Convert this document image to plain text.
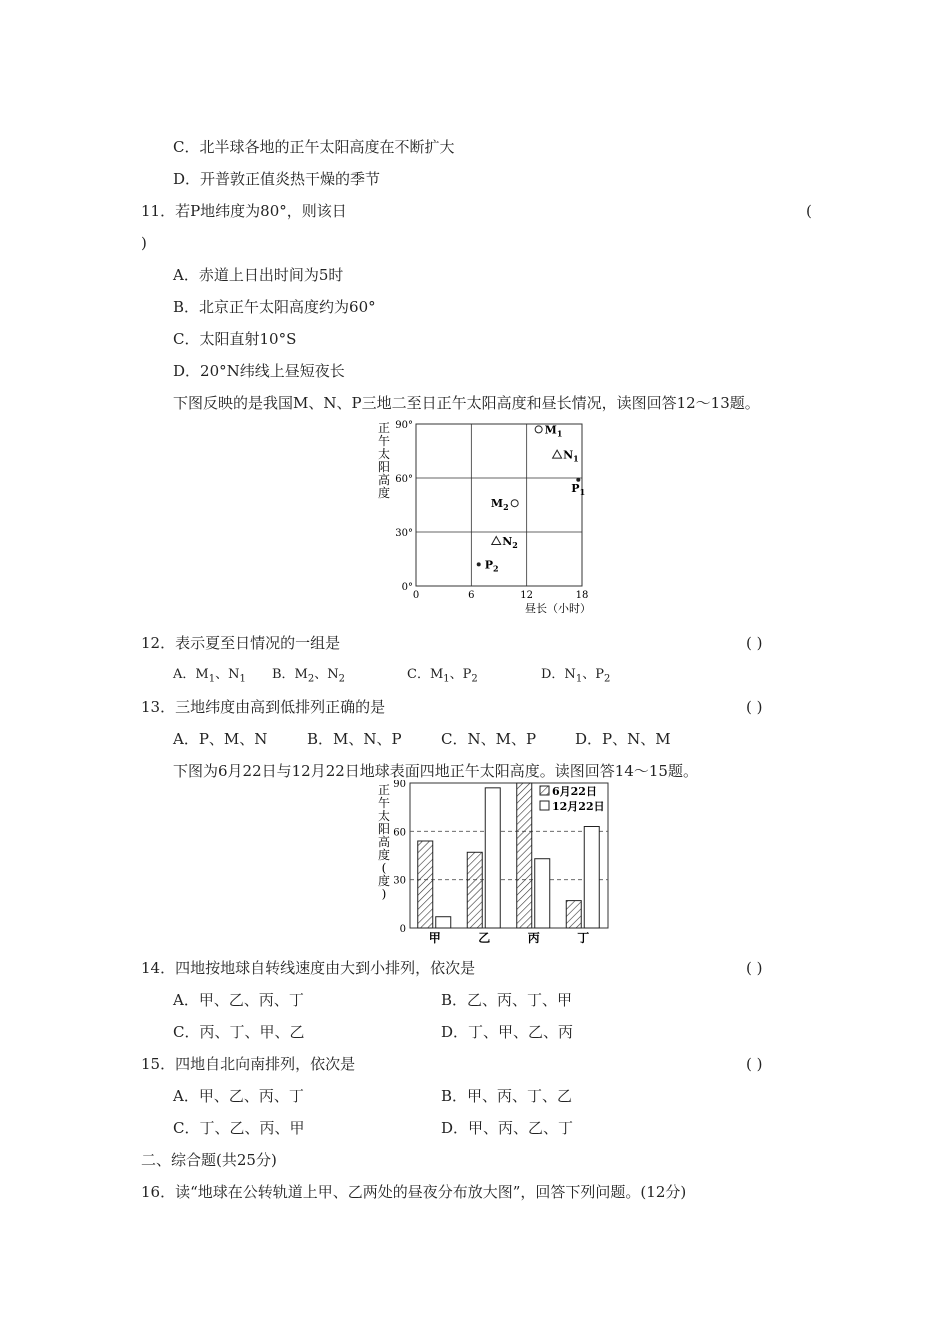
C．北半球各地的正午太阳高度在不断扩大
D．开普敦正值炎热干燥的季节
11．若P地纬度为80°，则该日	(
)
A．赤道上日出时间为5时
B．北京正午太阳高度约为60°
C．太阳直射10°S
D．20°N纬线上昼短夜长
下图反映的是我国M、N、P三地二至日正午太阳高度和昼长情况，读图回答12～13题。
正午太阳高度
0°
30°
60°
90°
0	6	12	18
昼长（小时）
$M_1$
$N_1$
$P_1$
$M_2$
$N_2$
$P_2$
12．表示夏至日情况的一组是	( )
A．$M_1$、$N_1$ B．$M_2$、$N_2$	C．$M_1$、$P_2$	D．$N_1$、$P_2$
13．三地纬度由高到低排列正确的是	( )
A．P、M、N	B．M、N、P	C．N、M、P	D．P、N、M
下图为6月22日与12月22日地球表面四地正午太阳高度。读图回答14～15题。
正午太阳高度(度)
0
30
60
90
甲	乙	丙	丁
6月22日
12月22日
14．四地按地球自转线速度由大到小排列，依次是	( )
A．甲、乙、丙、丁	B．乙、丙、丁、甲
C．丙、丁、甲、乙	D．丁、甲、乙、丙
15．四地自北向南排列，依次是	( )
A．甲、乙、丙、丁	B．甲、丙、丁、乙
C．丁、乙、丙、甲	D．甲、丙、乙、丁
二、综合题(共25分)
16．读“地球在公转轨道上甲、乙两处的昼夜分布放大图”，回答下列问题。(12分)
